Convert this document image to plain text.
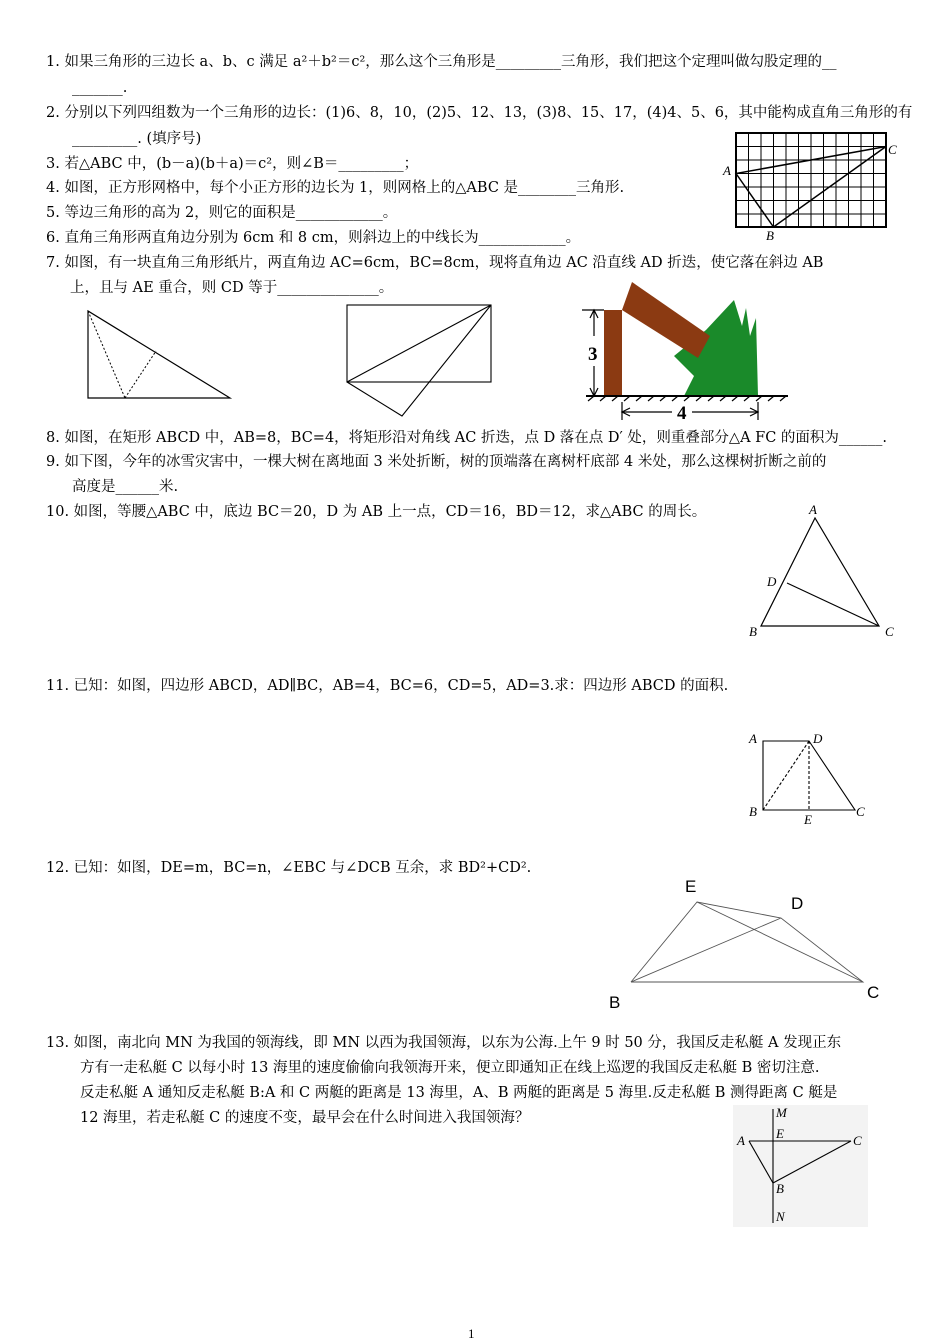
1. 如果三角形的三边长 a、b、c 满足 a²＋b²＝c²，那么这个三角形是_________三角形，我们把这个定理叫做勾股定理的__
_______.
2. 分别以下列四组数为一个三角形的边长：(1)6、8，10，(2)5、12、13，(3)8、15、17，(4)4、5、6，其中能构成直角三角形的有
_________. (填序号)
3. 若△ABC 中，(b－a)(b＋a)＝c²，则∠B＝_________；
4. 如图，正方形网格中，每个小正方形的边长为 1，则网格上的△ABC 是________三角形.
5. 等边三角形的高为 2，则它的面积是____________。
6. 直角三角形两直角边分别为 6cm 和 8 cm，则斜边上的中线长为____________。
7. 如图，有一块直角三角形纸片，两直角边 AC=6cm，BC=8cm，现将直角边 AC 沿直线 AD 折迭，使它落在斜边 AB
上，且与 AE 重合，则 CD 等于______________。
8. 如图，在矩形 ABCD 中，AB=8，BC=4，将矩形沿对角线 AC 折迭，点 D 落在点 D′ 处，则重叠部分△A FC 的面积为______.
9. 如下图，今年的冰雪灾害中，一棵大树在离地面 3 米处折断，树的顶端落在离树杆底部 4 米处，那么这棵树折断之前的
高度是______米.
10. 如图，等腰△ABC 中，底边 BC＝20，D 为 AB 上一点，CD＝16，BD＝12，求△ABC 的周长。
11. 已知：如图，四边形 ABCD，AD∥BC，AB=4，BC=6，CD=5，AD=3.求：四边形 ABCD 的面积.
12. 已知：如图，DE=m，BC=n，∠EBC 与∠DCB 互余，求 BD²+CD².
13. 如图，南北向 MN 为我国的领海线，即 MN 以西为我国领海，以东为公海.上午 9 时 50 分，我国反走私艇 A 发现正东
方有一走私艇 C 以每小时 13 海里的速度偷偷向我领海开来，便立即通知正在线上巡逻的我国反走私艇 B 密切注意.
反走私艇 A 通知反走私艇 B:A 和 C 两艇的距离是 13 海里，A、B 两艇的距离是 5 海里.反走私艇 B 测得距离 C 艇是
12 海里，若走私艇 C 的速度不变，最早会在什么时间进入我国领海？
A
C
B
3
4
A
D
B	C
A	D
B
E
C
E
D
B
C
M
E
A	C
B
N
1
